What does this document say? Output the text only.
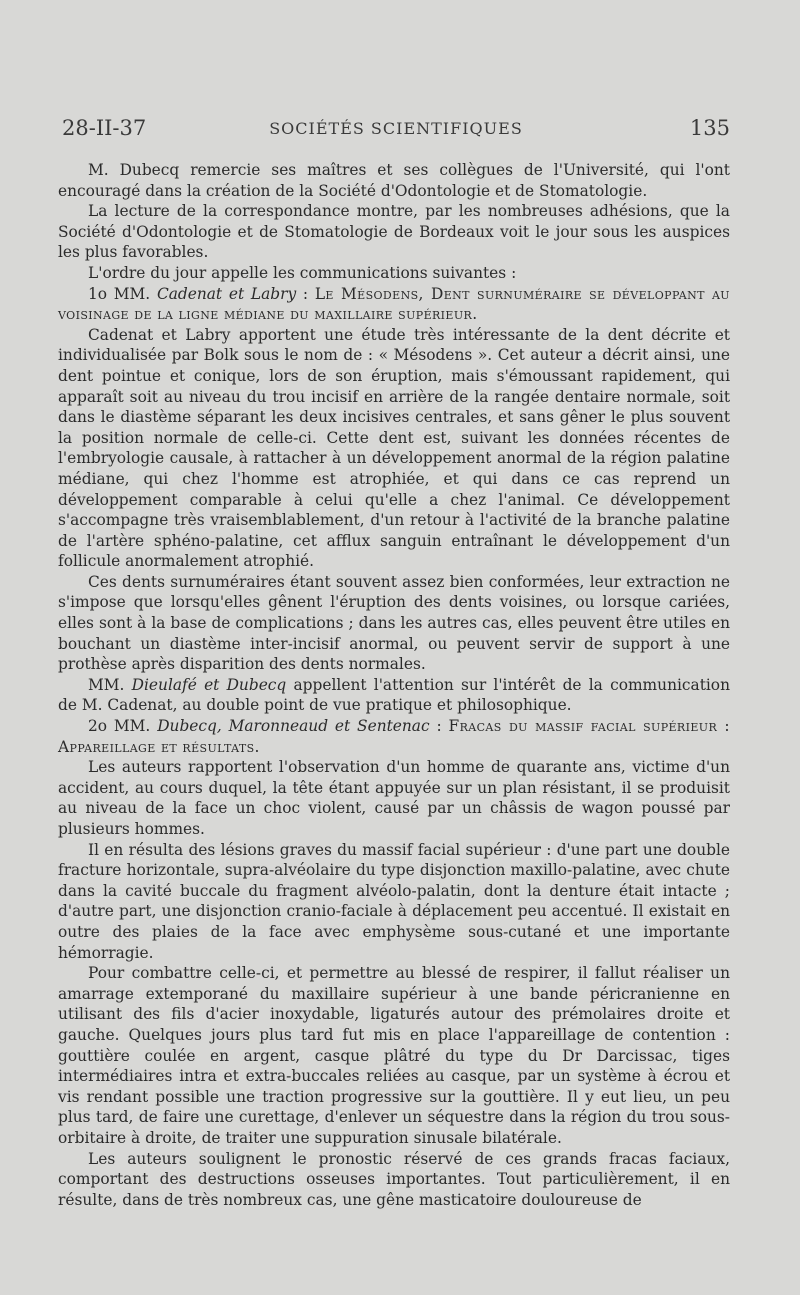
28-II-37	SOCIÉTÉS SCIENTIFIQUES	135

M. Dubecq remercie ses maîtres et ses collègues de l'Université, qui l'ont encouragé dans la création de la Société d'Odontologie et de Stomatologie.

La lecture de la correspondance montre, par les nombreuses adhésions, que la Société d'Odontologie et de Stomatologie de Bordeaux voit le jour sous les auspices les plus favorables.

L'ordre du jour appelle les communications suivantes :

1o MM. Cadenat et Labry : Le Mésodens, Dent surnuméraire se développant au voisinage de la ligne médiane du maxillaire supérieur.

Cadenat et Labry apportent une étude très intéressante de la dent décrite et individualisée par Bolk sous le nom de : « Mésodens ». Cet auteur a décrit ainsi, une dent pointue et conique, lors de son éruption, mais s'émoussant rapidement, qui apparaît soit au niveau du trou incisif en arrière de la rangée dentaire normale, soit dans le diastème séparant les deux incisives centrales, et sans gêner le plus souvent la position normale de celle-ci. Cette dent est, suivant les données récentes de l'embryologie causale, à rattacher à un développement anormal de la région palatine médiane, qui chez l'homme est atrophiée, et qui dans ce cas reprend un développement comparable à celui qu'elle a chez l'animal. Ce développement s'accompagne très vraisemblablement, d'un retour à l'activité de la branche palatine de l'artère sphéno-palatine, cet afflux sanguin entraînant le développement d'un follicule anormalement atrophié.

Ces dents surnuméraires étant souvent assez bien conformées, leur extraction ne s'impose que lorsqu'elles gênent l'éruption des dents voisines, ou lorsque cariées, elles sont à la base de complications ; dans les autres cas, elles peuvent être utiles en bouchant un diastème inter-incisif anormal, ou peuvent servir de support à une prothèse après disparition des dents normales.

MM. Dieulafé et Dubecq appellent l'attention sur l'intérêt de la communication de M. Cadenat, au double point de vue pratique et philosophique.

2o MM. Dubecq, Maronneaud et Sentenac : Fracas du massif facial supérieur : Appareillage et résultats.

Les auteurs rapportent l'observation d'un homme de quarante ans, victime d'un accident, au cours duquel, la tête étant appuyée sur un plan résistant, il se produisit au niveau de la face un choc violent, causé par un châssis de wagon poussé par plusieurs hommes.

Il en résulta des lésions graves du massif facial supérieur : d'une part une double fracture horizontale, supra-alvéolaire du type disjonction maxillo-palatine, avec chute dans la cavité buccale du fragment alvéolo-palatin, dont la denture était intacte ; d'autre part, une disjonction cranio-faciale à déplacement peu accentué. Il existait en outre des plaies de la face avec emphysème sous-cutané et une importante hémorragie.

Pour combattre celle-ci, et permettre au blessé de respirer, il fallut réaliser un amarrage extemporané du maxillaire supérieur à une bande péricranienne en utilisant des fils d'acier inoxydable, ligaturés autour des prémolaires droite et gauche. Quelques jours plus tard fut mis en place l'appareillage de contention : gouttière coulée en argent, casque plâtré du type du Dr Darcissac, tiges intermédiaires intra et extra-buccales reliées au casque, par un système à écrou et vis rendant possible une traction progressive sur la gouttière. Il y eut lieu, un peu plus tard, de faire une curettage, d'enlever un séquestre dans la région du trou sous-orbitaire à droite, de traiter une suppuration sinusale bilatérale.

Les auteurs soulignent le pronostic réservé de ces grands fracas faciaux, comportant des destructions osseuses importantes. Tout particulièrement, il en résulte, dans de très nombreux cas, une gêne masticatoire douloureuse de
